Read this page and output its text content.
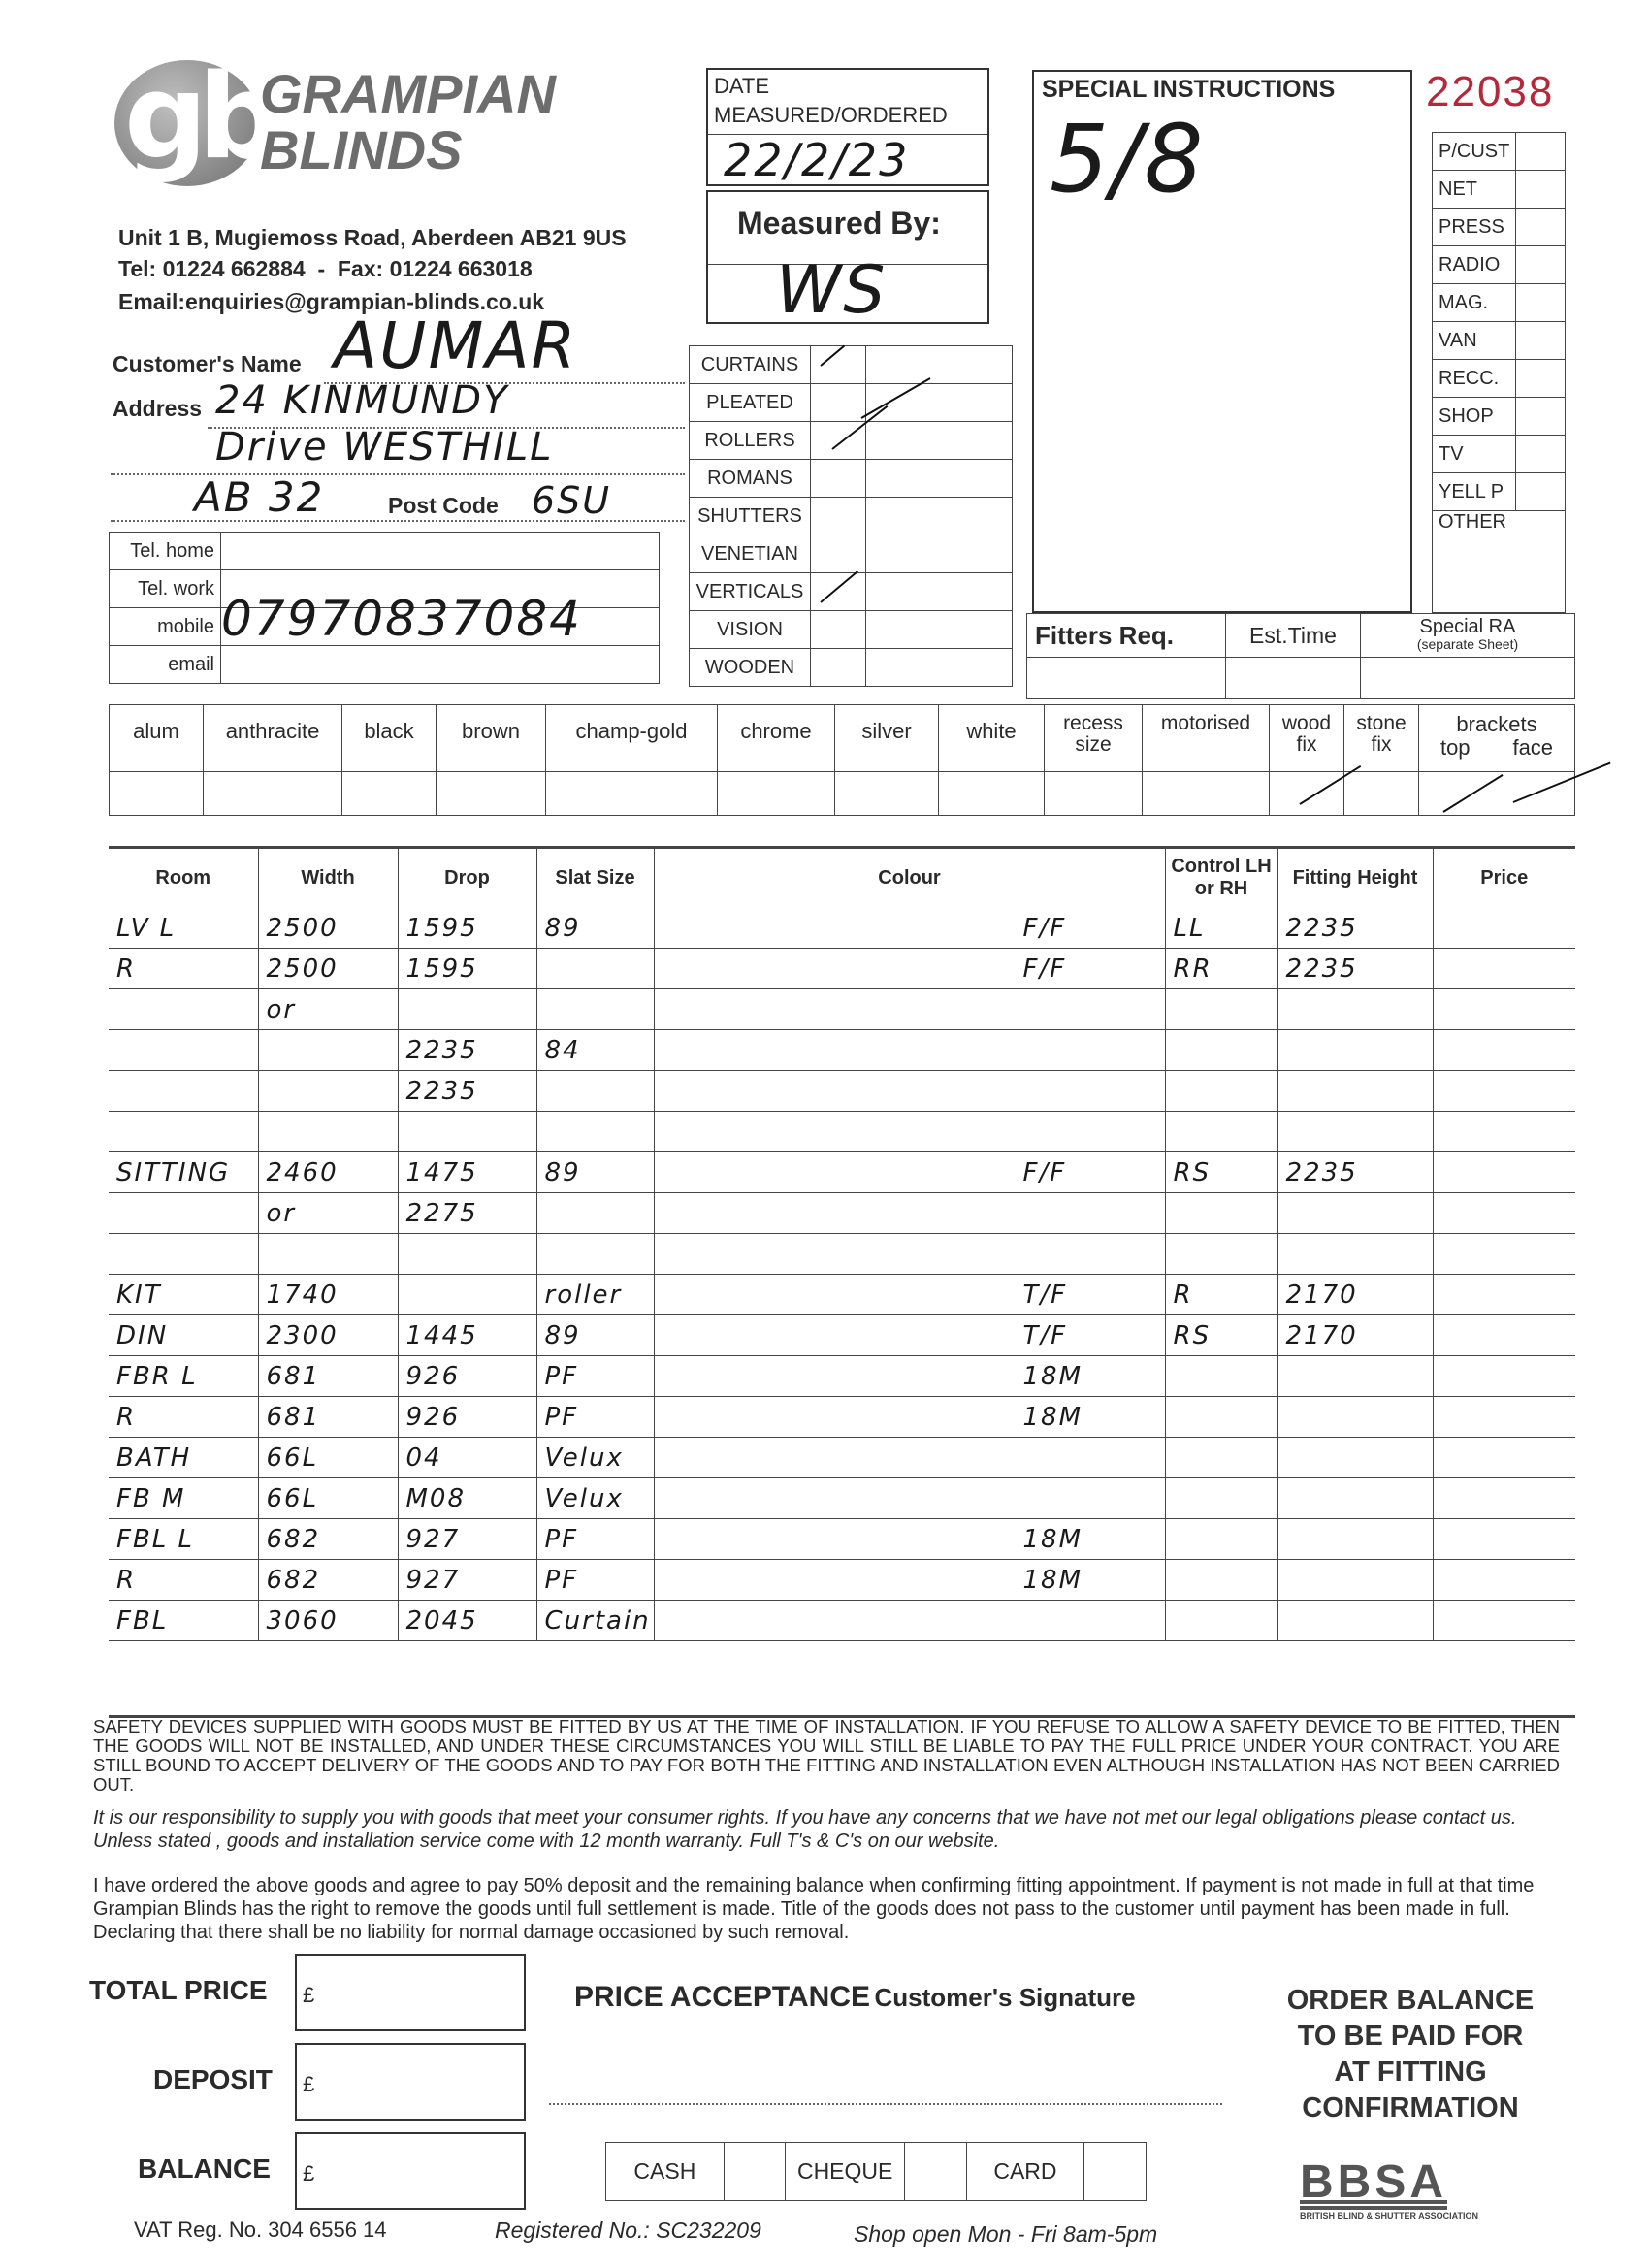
gb
GRAMPIAN
BLINDS
Unit 1 B, Mugiemoss Road, Aberdeen AB21 9US
Tel: 01224 662884  -  Fax: 01224 663018
Email:enquiries@grampian-blinds.co.uk
DATE
MEASURED/ORDERED
22/2/23
Measured By:
WS
SPECIAL INSTRUCTIONS
5/8
22038
P/CUST	
NET	
PRESS	
RADIO	
MAG.	
VAN	
RECC.	
SHOP	
TV	
YELL P	
OTHER	
Customer's Name AUMAR
Address 24 KINMUNDY
Drive WESTHILL
AB 32	Post Code 6SU
Tel. home	
Tel. work	
mobile	07970837084

email	
CURTAINS		
PLEATED		
ROLLERS		
ROMANS		
SHUTTERS		
VENETIAN		
VERTICALS		
VISION		
WOODEN		
Fitters Req.	Est.Time	Special RA
(separate Sheet)

alum	anthracite	black	brown	champ-gold	chrome	silver	white	recess size	motorised	wood fix	stone fix	brackets
top face

Room	Width	Drop	Slat Size	Colour	Control LH or RH	Fitting Height	Price
LV L	2500	1595	89	F/F	LL	2235	
R	2500	1595		F/F	RR	2235	
	or						
		2235	84				
		2235					

SITTING	2460	1475	89	F/F	RS	2235	
	or	2275					

KIT	1740		roller	T/F	R	2170	
DIN	2300	1445	89	T/F	RS	2170	
FBR L	681	926	PF	18M			
R	681	926	PF	18M			
BATH	66L	04	Velux				
FB M	66L	M08	Velux				
FBL L	682	927	PF	18M			
R	682	927	PF	18M			
FBL	3060	2045	Curtain				
SAFETY DEVICES SUPPLIED WITH GOODS MUST BE FITTED BY US AT THE TIME OF INSTALLATION. IF YOU REFUSE TO ALLOW A SAFETY DEVICE TO BE FITTED, THEN THE GOODS WILL NOT BE INSTALLED, AND UNDER THESE CIRCUMSTANCES YOU WILL STILL BE LIABLE TO PAY THE FULL PRICE UNDER YOUR CONTRACT. YOU ARE STILL BOUND TO ACCEPT DELIVERY OF THE GOODS AND TO PAY FOR BOTH THE FITTING AND INSTALLATION EVEN ALTHOUGH INSTALLATION HAS NOT BEEN CARRIED OUT.
It is our responsibility to supply you with goods that meet your consumer rights. If you have any concerns that we have not met our legal obligations please contact us. Unless stated , goods and installation service come with 12 month warranty. Full T's & C's on our website.
I have ordered the above goods and agree to pay 50% deposit and the remaining balance when confirming fitting appointment. If payment is not made in full at that time Grampian Blinds has the right to remove the goods until full settlement is made. Title of the goods does not pass to the customer until payment has been made in full. Declaring that there shall be no liability for normal damage occasioned by such removal.
TOTAL PRICE £
DEPOSIT £
BALANCE £
PRICE ACCEPTANCE Customer's Signature	ORDER BALANCE
TO BE PAID FOR
AT FITTING
CONFIRMATION
CASH		CHEQUE		CARD	
VAT Reg. No. 304 6556 14	Registered No.: SC232209	Shop open Mon - Fri 8am-5pm
BBSA
BRITISH BLIND & SHUTTER ASSOCIATION
